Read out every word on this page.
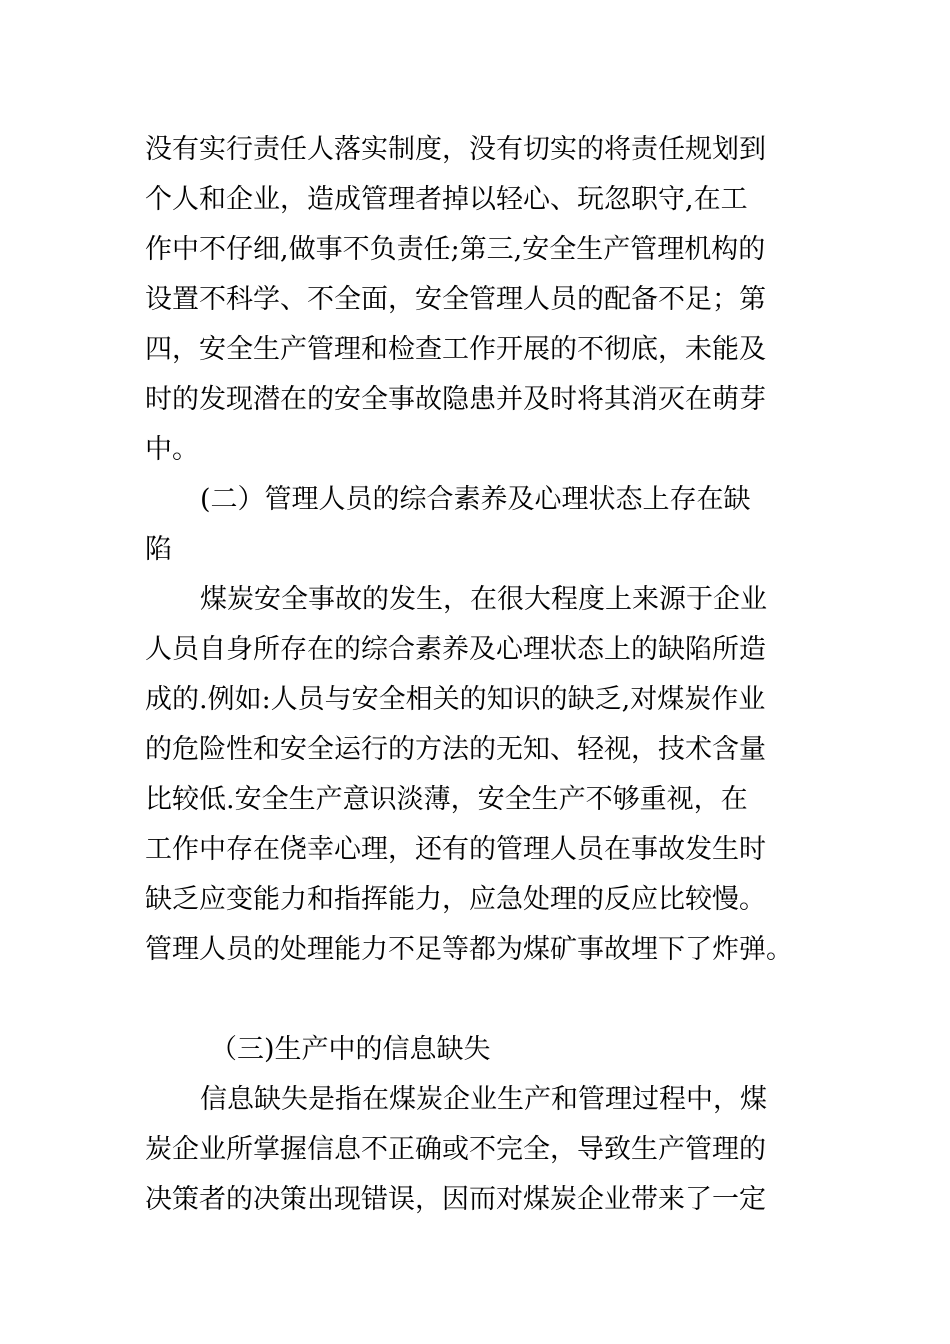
没有实行责任人落实制度，没有切实的将责任规划到
个人和企业，造成管理者掉以轻心、玩忽职守,在工
作中不仔细,做事不负责任;第三,安全生产管理机构的
设置不科学、不全面，安全管理人员的配备不足；第
四，安全生产管理和检查工作开展的不彻底，未能及
时的发现潜在的安全事故隐患并及时将其消灭在萌芽
中。
(二）管理人员的综合素养及心理状态上存在缺
陷
煤炭安全事故的发生，在很大程度上来源于企业
人员自身所存在的综合素养及心理状态上的缺陷所造
成的.例如:人员与安全相关的知识的缺乏,对煤炭作业
的危险性和安全运行的方法的无知、轻视，技术含量
比较低.安全生产意识淡薄，安全生产不够重视，在
工作中存在侥幸心理，还有的管理人员在事故发生时
缺乏应变能力和指挥能力，应急处理的反应比较慢。
管理人员的处理能力不足等都为煤矿事故埋下了炸弹。
（三)生产中的信息缺失
信息缺失是指在煤炭企业生产和管理过程中，煤
炭企业所掌握信息不正确或不完全，导致生产管理的
决策者的决策出现错误，因而对煤炭企业带来了一定
